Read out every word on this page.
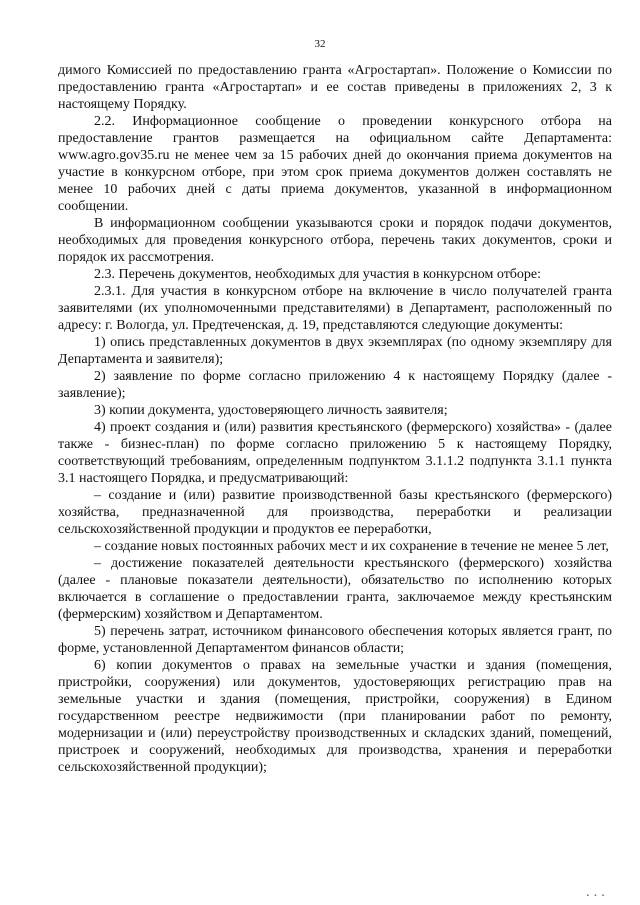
32

димого Комиссией по предоставлению гранта «Агростартап». Положение о Комиссии по предоставлению гранта «Агростартап» и ее состав приведены в приложениях 2, 3 к настоящему Порядку.

2.2. Информационное сообщение о проведении конкурсного отбора на предоставление грантов размещается на официальном сайте Департамента: www.agro.gov35.ru не менее чем за 15 рабочих дней до окончания приема документов на участие в конкурсном отборе, при этом срок приема документов должен составлять не менее 10 рабочих дней с даты приема документов, указанной в информационном сообщении.

В информационном сообщении указываются сроки и порядок подачи документов, необходимых для проведения конкурсного отбора, перечень таких документов, сроки и порядок их рассмотрения.

2.3. Перечень документов, необходимых для участия в конкурсном отборе:

2.3.1. Для участия в конкурсном отборе на включение в число получателей гранта заявителями (их уполномоченными представителями) в Департамент, расположенный по адресу: г. Вологда, ул. Предтеченская, д. 19, представляются следующие документы:

1) опись представленных документов в двух экземплярах (по одному экземпляру для Департамента и заявителя);

2) заявление по форме согласно приложению 4 к настоящему Порядку (далее - заявление);

3) копии документа, удостоверяющего личность заявителя;

4) проект создания и (или) развития крестьянского (фермерского) хозяйства» - (далее также - бизнес-план) по форме согласно приложению 5 к настоящему Порядку, соответствующий требованиям, определенным подпунктом 3.1.1.2 подпункта 3.1.1 пункта 3.1 настоящего Порядка, и предусматривающий:

– создание и (или) развитие производственной базы крестьянского (фермерского) хозяйства, предназначенной для производства, переработки и реализации сельскохозяйственной продукции и продуктов ее переработки,

– создание новых постоянных рабочих мест и их сохранение в течение не менее 5 лет,

– достижение показателей деятельности крестьянского (фермерского) хозяйства (далее - плановые показатели деятельности), обязательство по исполнению которых включается в соглашение о предоставлении гранта, заключаемое между крестьянским (фермерским) хозяйством и Департаментом.

5) перечень затрат, источником финансового обеспечения которых является грант, по форме, установленной Департаментом финансов области;

6) копии документов о правах на земельные участки и здания (помещения, пристройки, сооружения) или документов, удостоверяющих регистрацию прав на земельные участки и здания (помещения, пристройки, сооружения) в Едином государственном реестре недвижимости (при планировании работ по ремонту, модернизации и (или) переустройству производственных и складских зданий, помещений, пристроек и сооружений, необходимых для производства, хранения и переработки сельскохозяйственной продукции);

▪ ▪ ▪
